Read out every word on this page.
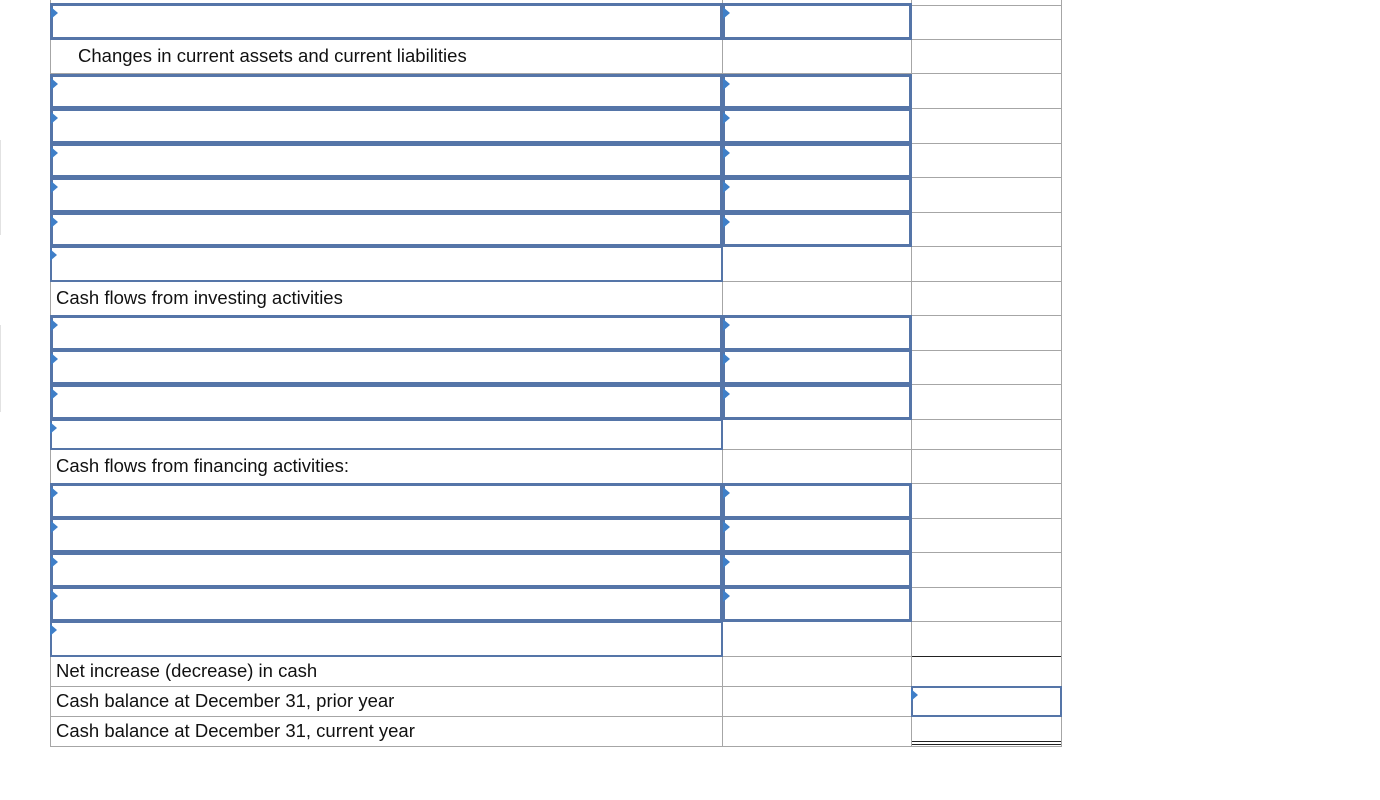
Changes in current assets and current liabilities
Cash flows from investing activities
Cash flows from financing activities:
Net increase (decrease) in cash
Cash balance at December 31, prior year
Cash balance at December 31, current year
